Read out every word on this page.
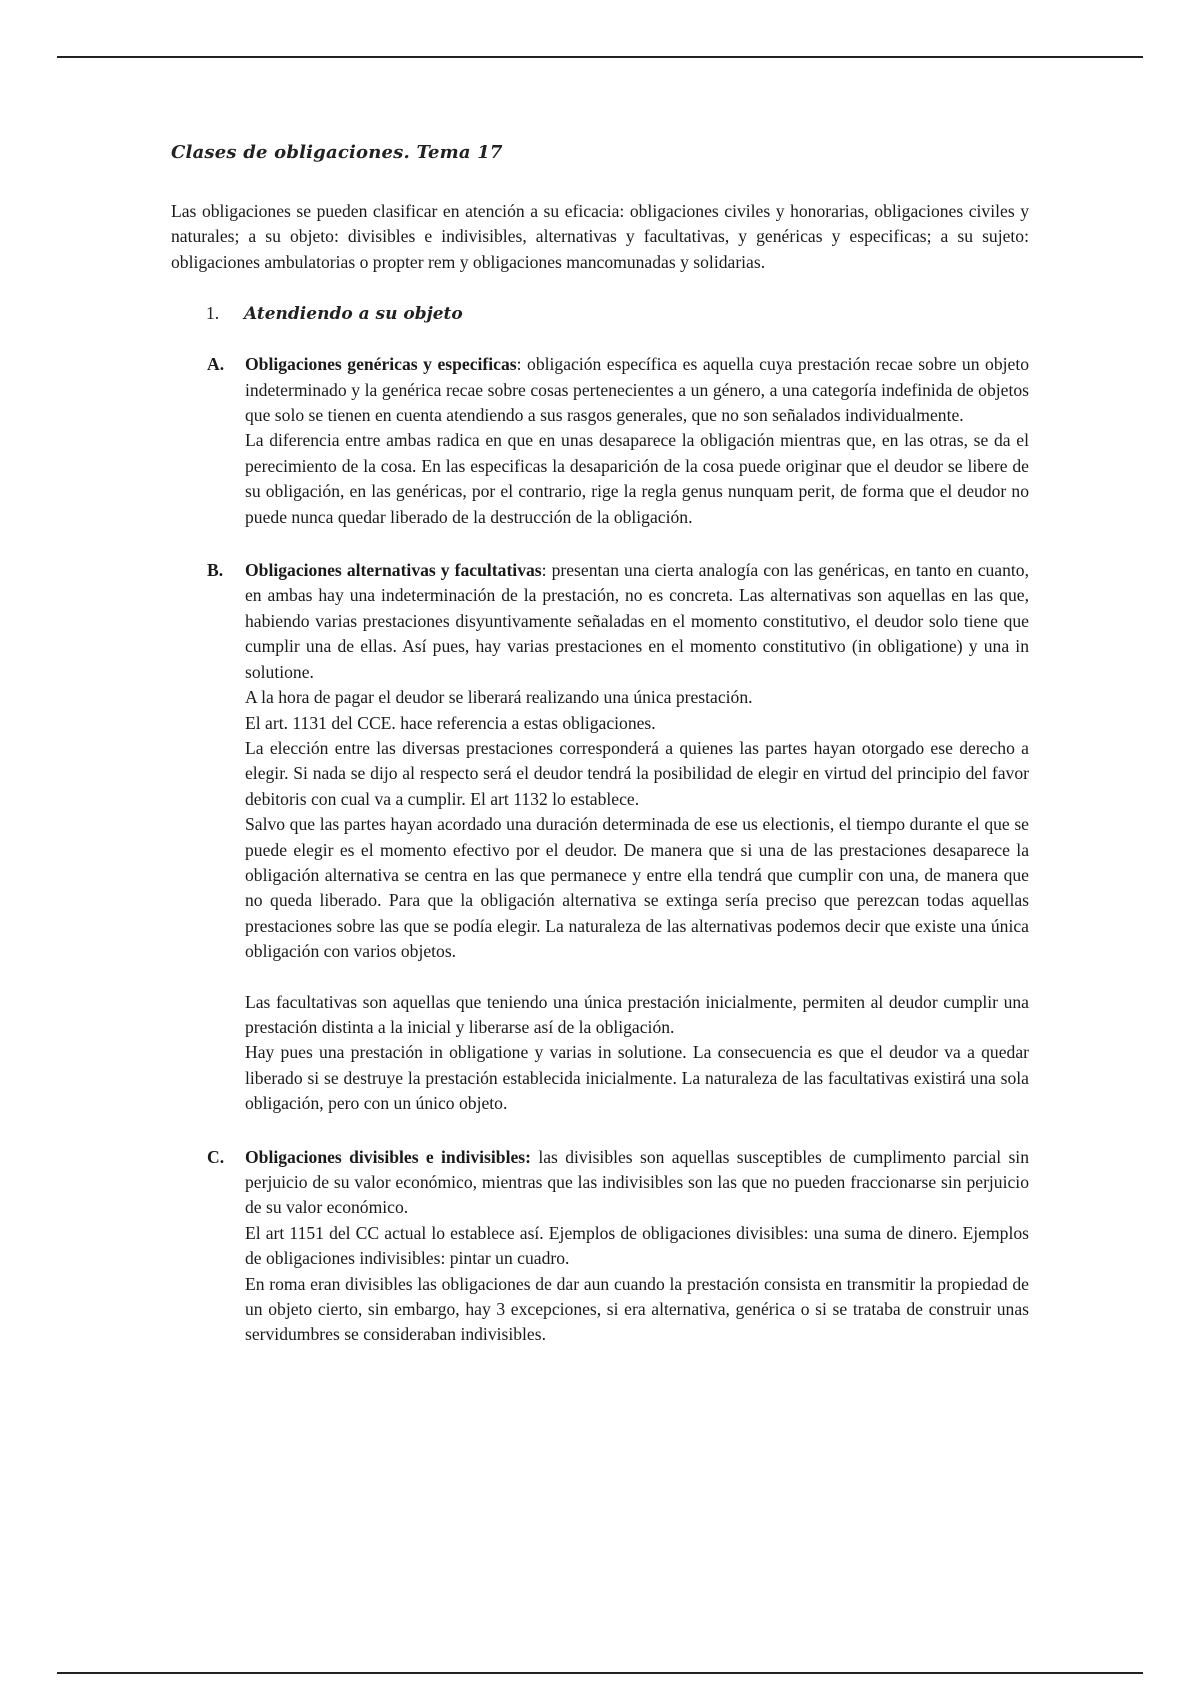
Clases de obligaciones. Tema 17

Las obligaciones se pueden clasificar en atención a su eficacia: obligaciones civiles y honorarias, obligaciones civiles y naturales; a su objeto: divisibles e indivisibles, alternativas y facultativas, y genéricas y especificas; a su sujeto: obligaciones ambulatorias o propter rem y obligaciones mancomunadas y solidarias.

1.	Atendiendo a su objeto
A. Obligaciones genéricas y especificas: obligación específica es aquella cuya prestación recae sobre un objeto indeterminado y la genérica recae sobre cosas pertenecientes a un género, a una categoría indefinida de objetos que solo se tienen en cuenta atendiendo a sus rasgos generales, que no son señalados individualmente.

La diferencia entre ambas radica en que en unas desaparece la obligación mientras que, en las otras, se da el perecimiento de la cosa. En las especificas la desaparición de la cosa puede originar que el deudor se libere de su obligación, en las genéricas, por el contrario, rige la regla genus nunquam perit, de forma que el deudor no puede nunca quedar liberado de la destrucción de la obligación.

B. Obligaciones alternativas y facultativas: presentan una cierta analogía con las genéricas, en tanto en cuanto, en ambas hay una indeterminación de la prestación, no es concreta. Las alternativas son aquellas en las que, habiendo varias prestaciones disyuntivamente señaladas en el momento constitutivo, el deudor solo tiene que cumplir una de ellas. Así pues, hay varias prestaciones en el momento constitutivo (in obligatione) y una in solutione.

A la hora de pagar el deudor se liberará realizando una única prestación.

El art. 1131 del CCE. hace referencia a estas obligaciones.

La elección entre las diversas prestaciones corresponderá a quienes las partes hayan otorgado ese derecho a elegir. Si nada se dijo al respecto será el deudor tendrá la posibilidad de elegir en virtud del principio del favor debitoris con cual va a cumplir. El art 1132 lo establece.

Salvo que las partes hayan acordado una duración determinada de ese us electionis, el tiempo durante el que se puede elegir es el momento efectivo por el deudor. De manera que si una de las prestaciones desaparece la obligación alternativa se centra en las que permanece y entre ella tendrá que cumplir con una, de manera que no queda liberado. Para que la obligación alternativa se extinga sería preciso que perezcan todas aquellas prestaciones sobre las que se podía elegir. La naturaleza de las alternativas podemos decir que existe una única obligación con varios objetos.

Las facultativas son aquellas que teniendo una única prestación inicialmente, permiten al deudor cumplir una prestación distinta a la inicial y liberarse así de la obligación.

Hay pues una prestación in obligatione y varias in solutione. La consecuencia es que el deudor va a quedar liberado si se destruye la prestación establecida inicialmente. La naturaleza de las facultativas existirá una sola obligación, pero con un único objeto.

C. Obligaciones divisibles e indivisibles: las divisibles son aquellas susceptibles de cumplimento parcial sin perjuicio de su valor económico, mientras que las indivisibles son las que no pueden fraccionarse sin perjuicio de su valor económico.

El art 1151 del CC actual lo establece así. Ejemplos de obligaciones divisibles: una suma de dinero. Ejemplos de obligaciones indivisibles: pintar un cuadro.

En roma eran divisibles las obligaciones de dar aun cuando la prestación consista en transmitir la propiedad de un objeto cierto, sin embargo, hay 3 excepciones, si era alternativa, genérica o si se trataba de construir unas servidumbres se consideraban indivisibles.
